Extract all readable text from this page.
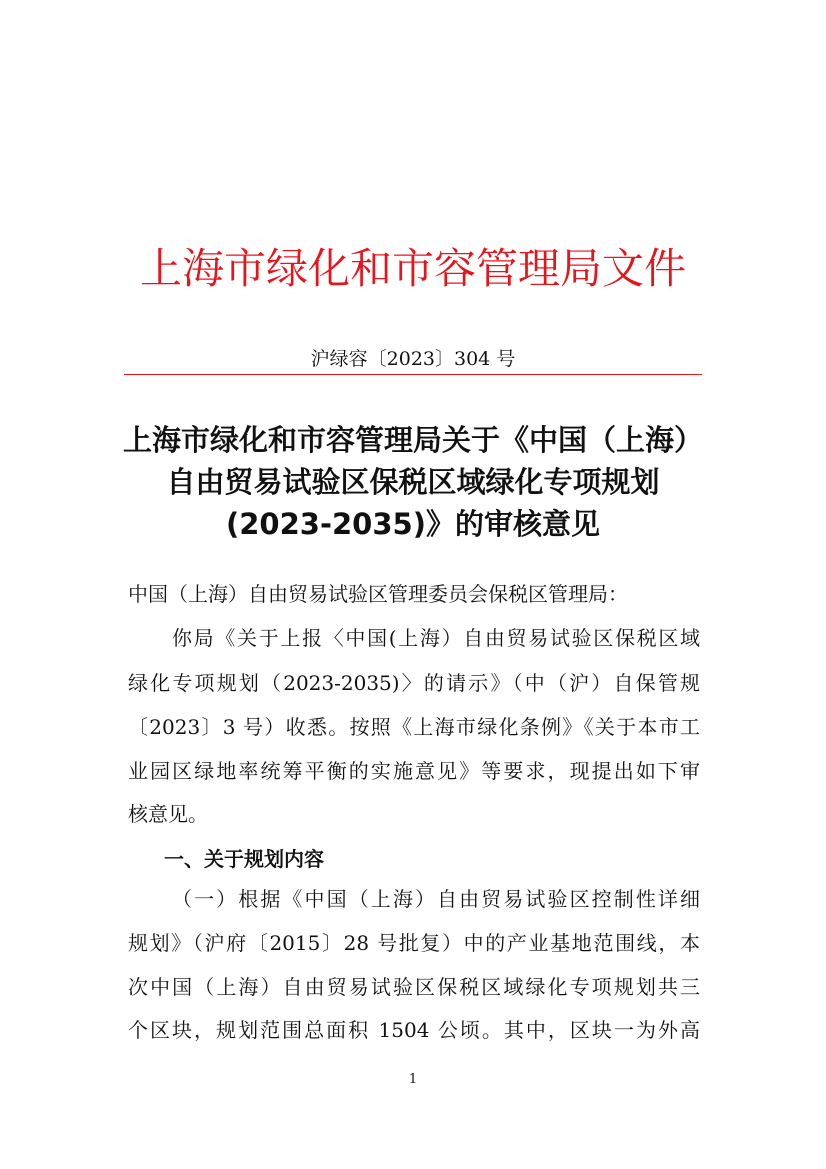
上海市绿化和市容管理局文件
沪绿容〔2023〕304 号
上海市绿化和市容管理局关于《中国（上海）
自由贸易试验区保税区域绿化专项规划
(2023-2035)》的审核意见
中国（上海）自由贸易试验区管理委员会保税区管理局：
你局《关于上报〈中国(上海）自由贸易试验区保税区域
绿化专项规划（2023-2035)〉的请示》（中（沪）自保管规
〔2023〕3 号）收悉。按照《上海市绿化条例》《关于本市工
业园区绿地率统筹平衡的实施意见》等要求，现提出如下审
核意见。
一、关于规划内容
（一）根据《中国（上海）自由贸易试验区控制性详细
规划》（沪府〔2015〕28 号批复）中的产业基地范围线，本
次中国（上海）自由贸易试验区保税区域绿化专项规划共三
个区块，规划范围总面积 1504 公顷。其中，区块一为外高
1
